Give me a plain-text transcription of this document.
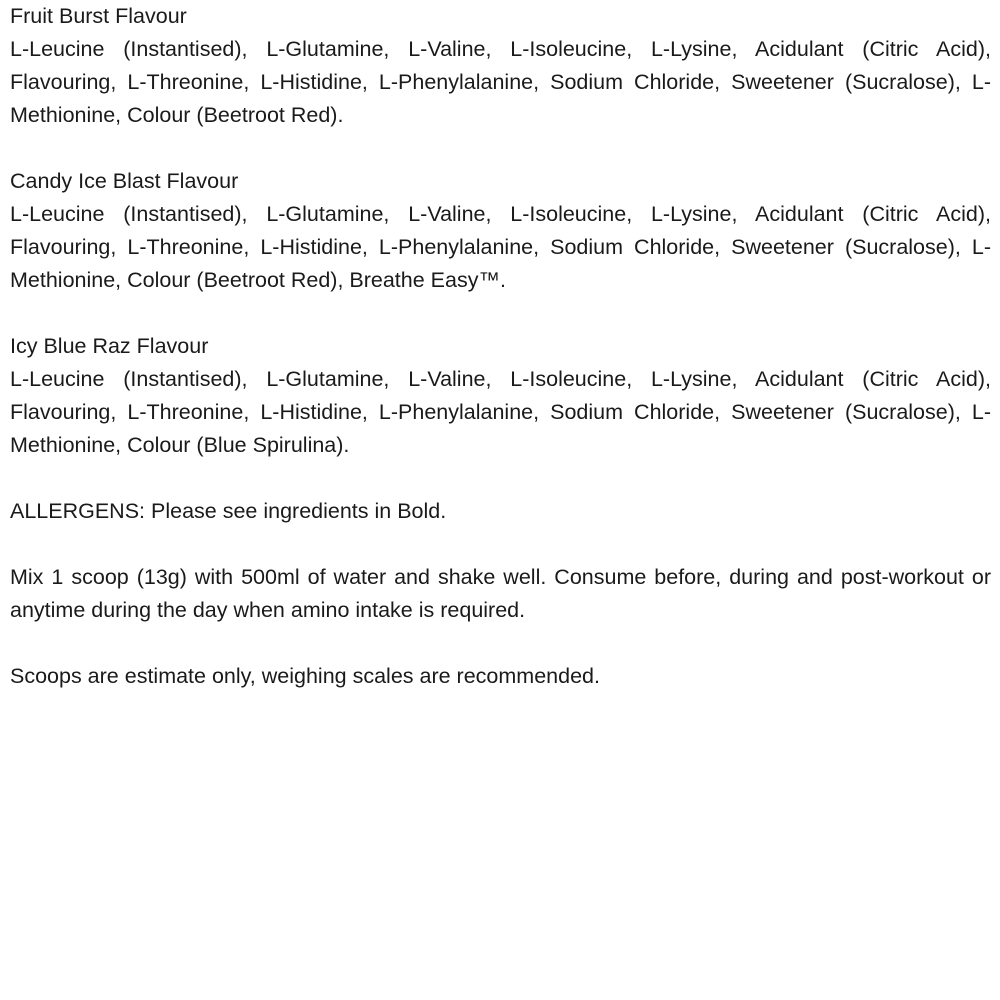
Fruit Burst Flavour
L-Leucine (Instantised), L-Glutamine, L-Valine, L-Isoleucine, L-Lysine, Acidulant (Citric Acid), Flavouring, L-Threonine, L-Histidine, L-Phenylalanine, Sodium Chloride, Sweetener (Sucralose), L-Methionine, Colour (Beetroot Red).
Candy Ice Blast Flavour
L-Leucine (Instantised), L-Glutamine, L-Valine, L-Isoleucine, L-Lysine, Acidulant (Citric Acid), Flavouring, L-Threonine, L-Histidine, L-Phenylalanine, Sodium Chloride, Sweetener (Sucralose), L-Methionine, Colour (Beetroot Red), Breathe Easy™.
Icy Blue Raz Flavour
L-Leucine (Instantised), L-Glutamine, L-Valine, L-Isoleucine, L-Lysine, Acidulant (Citric Acid), Flavouring, L-Threonine, L-Histidine, L-Phenylalanine, Sodium Chloride, Sweetener (Sucralose), L-Methionine, Colour (Blue Spirulina).
ALLERGENS: Please see ingredients in Bold.
Mix 1 scoop (13g) with 500ml of water and shake well. Consume before, during and post-workout or anytime during the day when amino intake is required.
Scoops are estimate only, weighing scales are recommended.
